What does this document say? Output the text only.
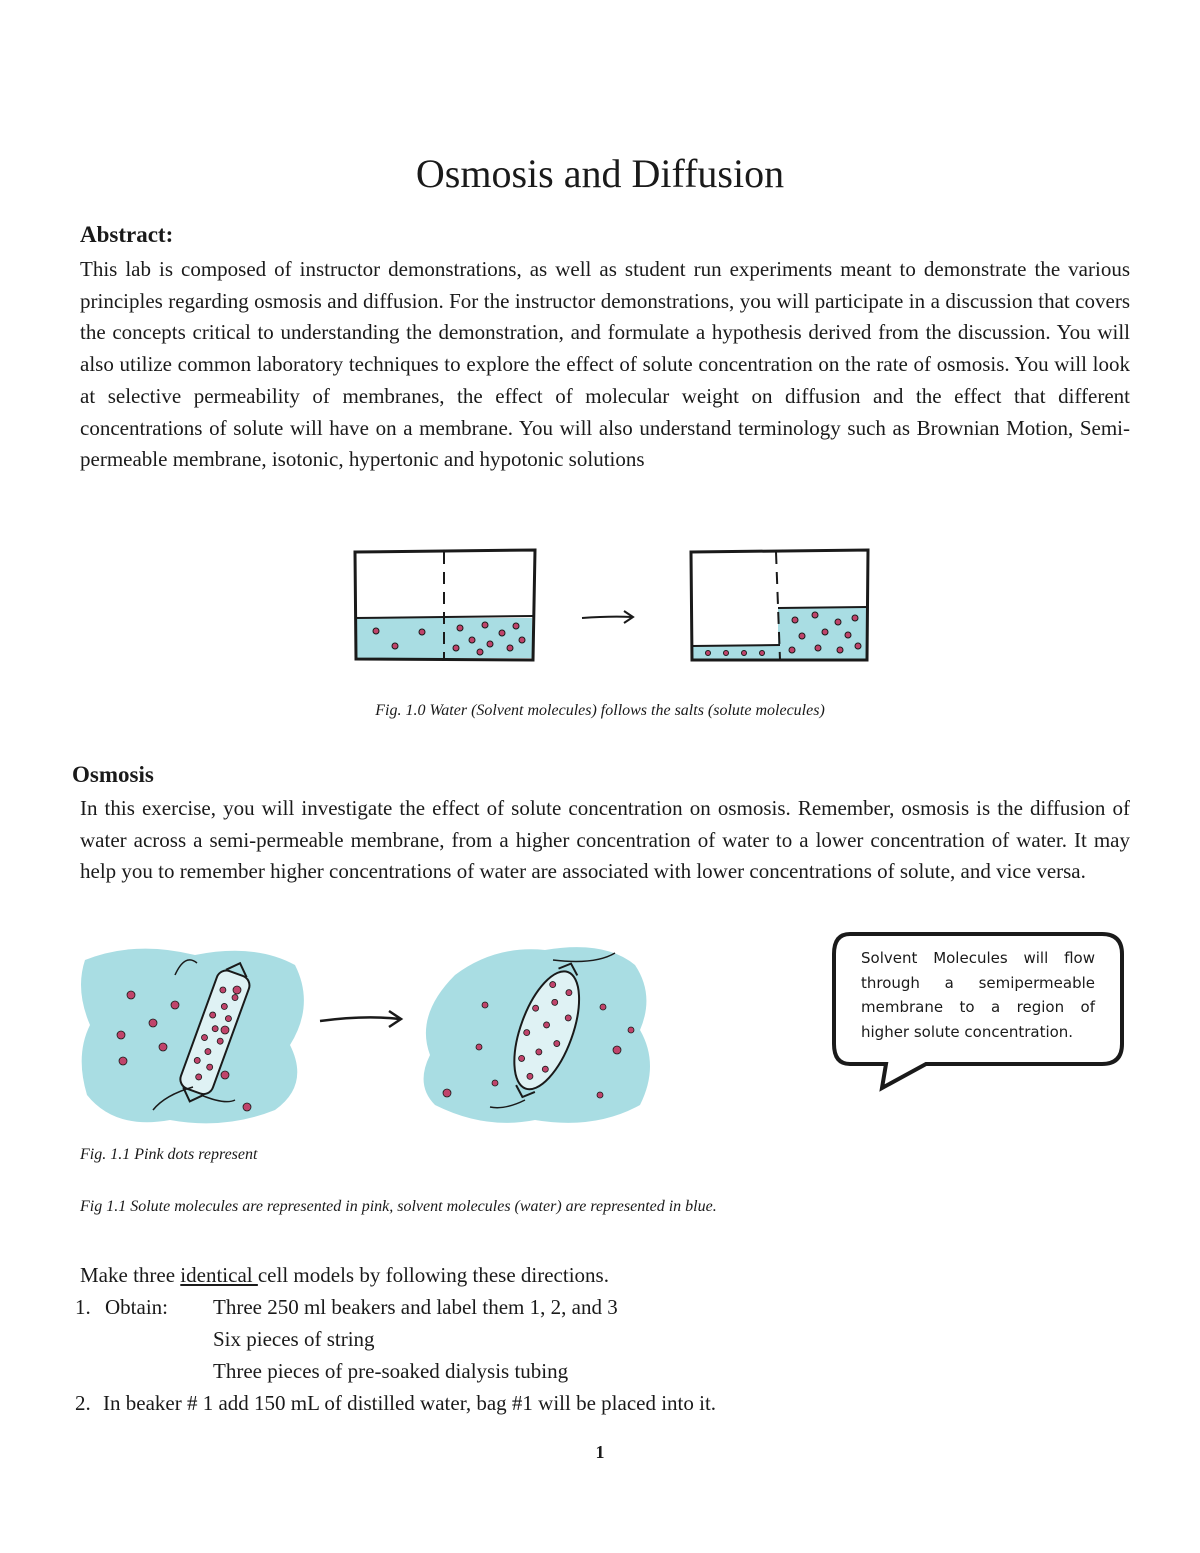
Osmosis and Diffusion
Abstract:
This lab is composed of instructor demonstrations, as well as student run experiments meant to demonstrate the various principles regarding osmosis and diffusion. For the instructor demonstrations, you will participate in a discussion that covers the concepts critical to understanding the demonstration, and formulate a hypothesis derived from the discussion. You will also utilize common laboratory techniques to explore the effect of solute concentration on the rate of osmosis. You will look at selective permeability of membranes, the effect of molecular weight on diffusion and the effect that different concentrations of solute will have on a membrane. You will also understand terminology such as Brownian Motion, Semi-permeable membrane, isotonic, hypertonic and hypotonic solutions
Fig. 1.0 Water (Solvent molecules) follows the salts (solute molecules)
Osmosis
In this exercise, you will investigate the effect of solute concentration on osmosis. Remember, osmosis is the diffusion of water across a semi-permeable membrane, from a higher concentration of water to a lower concentration of water. It may help you to remember higher concentrations of water are associated with lower concentrations of solute, and vice versa.
Solvent Molecules will flow through a semipermeable membrane to a region of higher solute concentration.
Fig. 1.1 Pink dots represent
Fig 1.1 Solute molecules are represented in pink, solvent molecules (water) are represented in blue.
Make three identical cell models by following these directions.
1. Obtain: Three 250 ml beakers and label them 1, 2, and 3
Six pieces of string
Three pieces of pre-soaked dialysis tubing
2. In beaker # 1 add 150 mL of distilled water, bag #1 will be placed into it.
1
